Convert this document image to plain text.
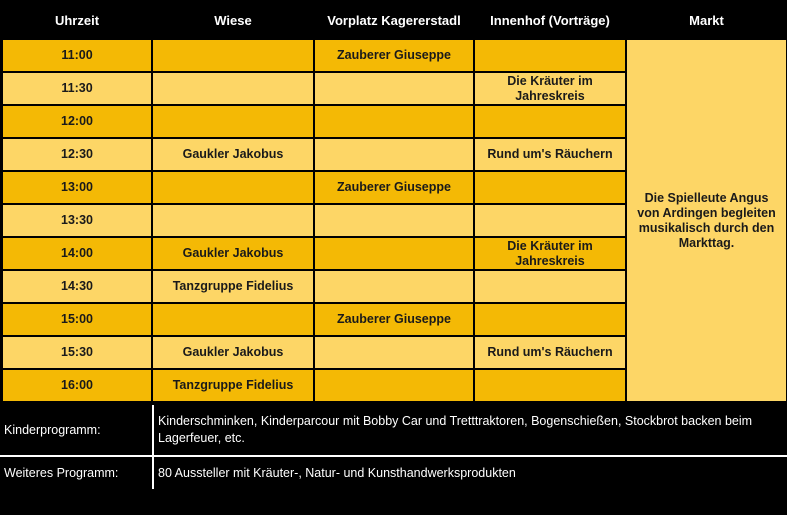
Uhrzeit	Wiese	Vorplatz Kagererstadl	Innenhof (Vorträge)	Markt
11:00		Zauberer Giuseppe		Die Spielleute Angus von Ardingen begleiten musikalisch durch den Markttag.
11:30			Die Kräuter im Jahreskreis	
12:00				
12:30	Gaukler Jakobus		Rund um's Räuchern	
13:00		Zauberer Giuseppe		
13:30				
14:00	Gaukler Jakobus		Die Kräuter im Jahreskreis	
14:30	Tanzgruppe Fidelius			
15:00		Zauberer Giuseppe		
15:30	Gaukler Jakobus		Rund um's Räuchern	
16:00	Tanzgruppe Fidelius			
Kinderprogramm:	Kinderschminken, Kinderparcour mit Bobby Car und Tretttraktoren, Bogenschießen, Stockbrot backen beim Lagerfeuer, etc.

Weiteres Programm:	80 Aussteller mit Kräuter-, Natur- und Kunsthandwerksprodukten
